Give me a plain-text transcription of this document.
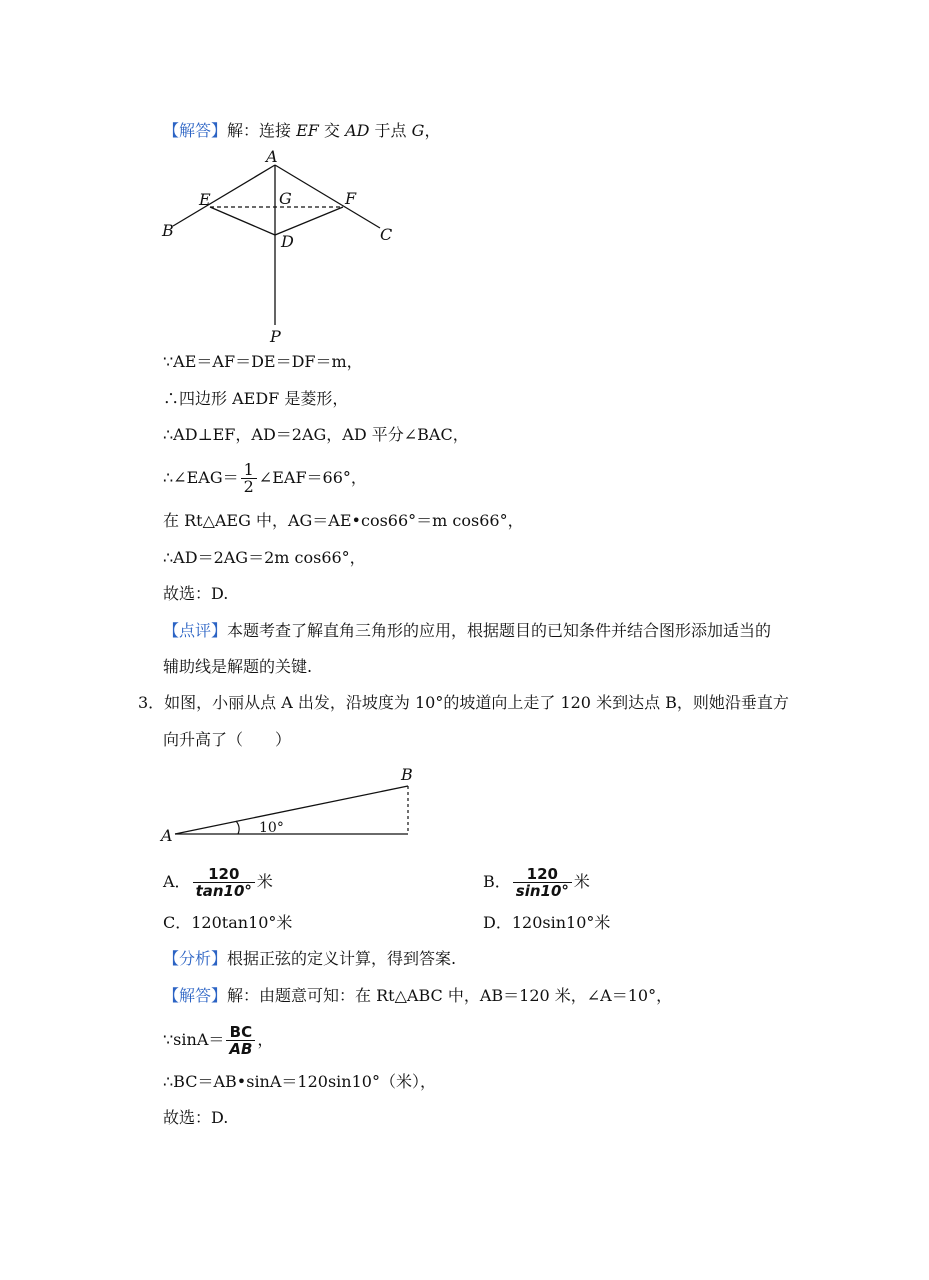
【解答】解：连接 EF 交 AD 于点 G，
A
E	G	F
B
D	C
P
∵AE＝AF＝DE＝DF＝m，
∴四边形 AEDF 是菱形，
∴AD⊥EF，AD＝2AG，AD 平分∠BAC，
∴∠EAG＝ $\frac{1}{2}$ ∠EAF＝66°，
在 Rt△AEG 中，AG＝AE•cos66°＝m cos66°，
∴AD＝2AG＝2m cos66°，
故选：D.
【点评】本题考查了解直角三角形的应用，根据题目的已知条件并结合图形添加适当的
辅助线是解题的关键.
3．如图，小丽从点 A 出发，沿坡度为 10°的坡道向上走了 120 米到达点 B，则她沿垂直方
向升高了（　　）
A
B
10°
A． $\frac{120}{\tan 10^\circ}$ 米	B． $\frac{120}{\sin 10^\circ}$ 米
C．120tan10°米	D．120sin10°米
【分析】根据正弦的定义计算，得到答案.
【解答】解：由题意可知：在 Rt△ABC 中，AB＝120 米，∠A＝10°，
∵sinA＝ $\frac{BC}{AB}$ ，
∴BC＝AB•sinA＝120sin10°（米），
故选：D.
